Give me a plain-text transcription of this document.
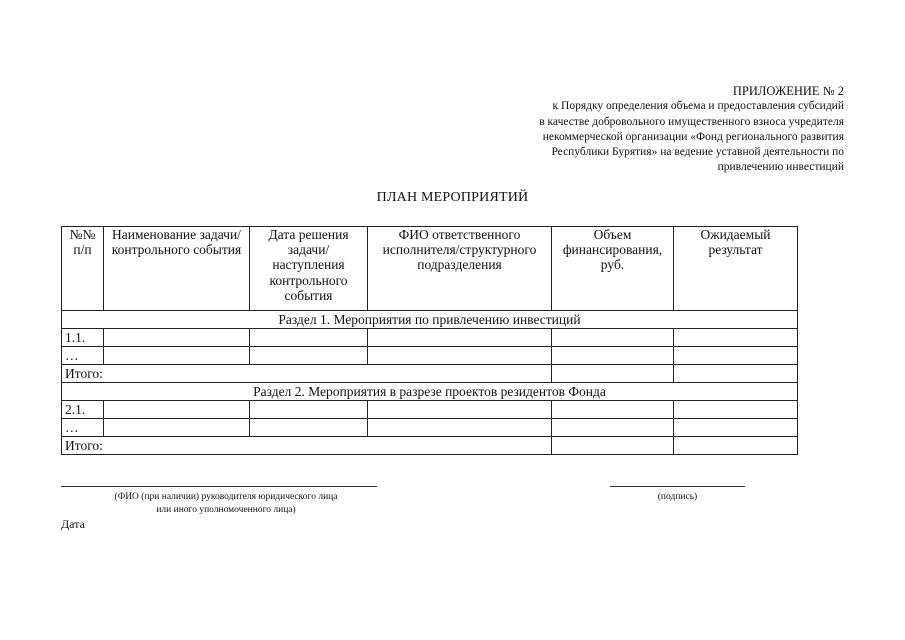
ПРИЛОЖЕНИЕ № 2
к Порядку определения объема и предоставления субсидий
в качестве добровольного имущественного взноса учредителя
некоммерческой организации «Фонд регионального развития
Республики Бурятия» на ведение уставной деятельности по
привлечению инвестиций
ПЛАН МЕРОПРИЯТИЙ
№№ п/п	Наименование задачи/контрольного события	Дата решения задачи/ наступления контрольного события	ФИО ответственного исполнителя/структурного подразделения	Объем финансирования, руб.	Ожидаемый результат
Раздел 1. Мероприятия по привлечению инвестиций					
1.1.					
…					
Итого:					
Раздел 2. Мероприятия в разрезе проектов резидентов Фонда					
2.1.					
…					
Итого:					
(ФИО (при наличии) руководителя юридического лица
или иного уполномоченного лица)
(подпись)
Дата
